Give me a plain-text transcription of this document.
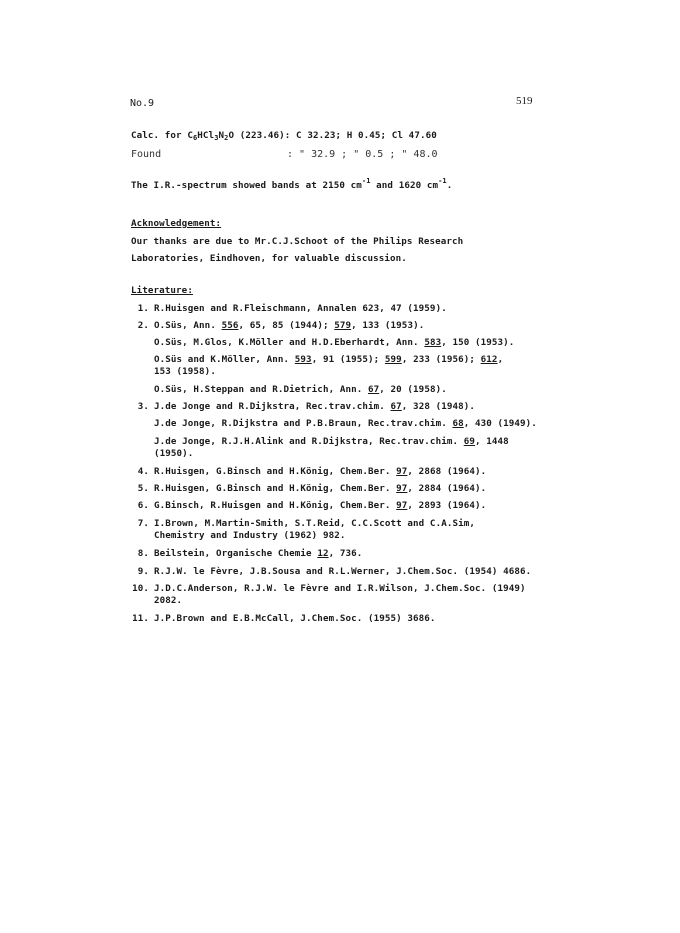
No.9	519
Calc. for $C_6HCl_3N_2O$ (223.46): C 32.23; H 0.45; Cl 47.60
Found	: " 32.9 ; " 0.5 ; " 48.0
The I.R.-spectrum showed bands at 2150 $cm^{-1}$ and 1620 $cm^{-1}$.
Acknowledgement:
Our thanks are due to Mr.C.J.Schoot of the Philips Research
Laboratories, Eindhoven, for valuable discussion.
Literature:
1. R.Huisgen and R.Fleischmann, Annalen 623, 47 (1959).
2. O.Süs, Ann. 556, 65, 85 (1944); 579, 133 (1953).
O.Süs, M.Glos, K.Möller and H.D.Eberhardt, Ann. 583, 150 (1953).
O.Süs and K.Möller, Ann. 593, 91 (1955); 599, 233 (1956); 612,
153 (1958).
O.Süs, H.Steppan and R.Dietrich, Ann. 67, 20 (1958).
3. J.de Jonge and R.Dijkstra, Rec.trav.chim. 67, 328 (1948).
J.de Jonge, R.Dijkstra and P.B.Braun, Rec.trav.chim. 68, 430 (1949).
J.de Jonge, R.J.H.Alink and R.Dijkstra, Rec.trav.chim. 69, 1448
(1950).
4. R.Huisgen, G.Binsch and H.König, Chem.Ber. 97, 2868 (1964).
5. R.Huisgen, G.Binsch and H.König, Chem.Ber. 97, 2884 (1964).
6. G.Binsch, R.Huisgen and H.König, Chem.Ber. 97, 2893 (1964).
7. I.Brown, M.Martin-Smith, S.T.Reid, C.C.Scott and C.A.Sim,
Chemistry and Industry (1962) 982.
8. Beilstein, Organische Chemie 12, 736.
9. R.J.W. le Fèvre, J.B.Sousa and R.L.Werner, J.Chem.Soc. (1954) 4686.
10. J.D.C.Anderson, R.J.W. le Fèvre and I.R.Wilson, J.Chem.Soc. (1949)
2082.
11. J.P.Brown and E.B.McCall, J.Chem.Soc. (1955) 3686.
